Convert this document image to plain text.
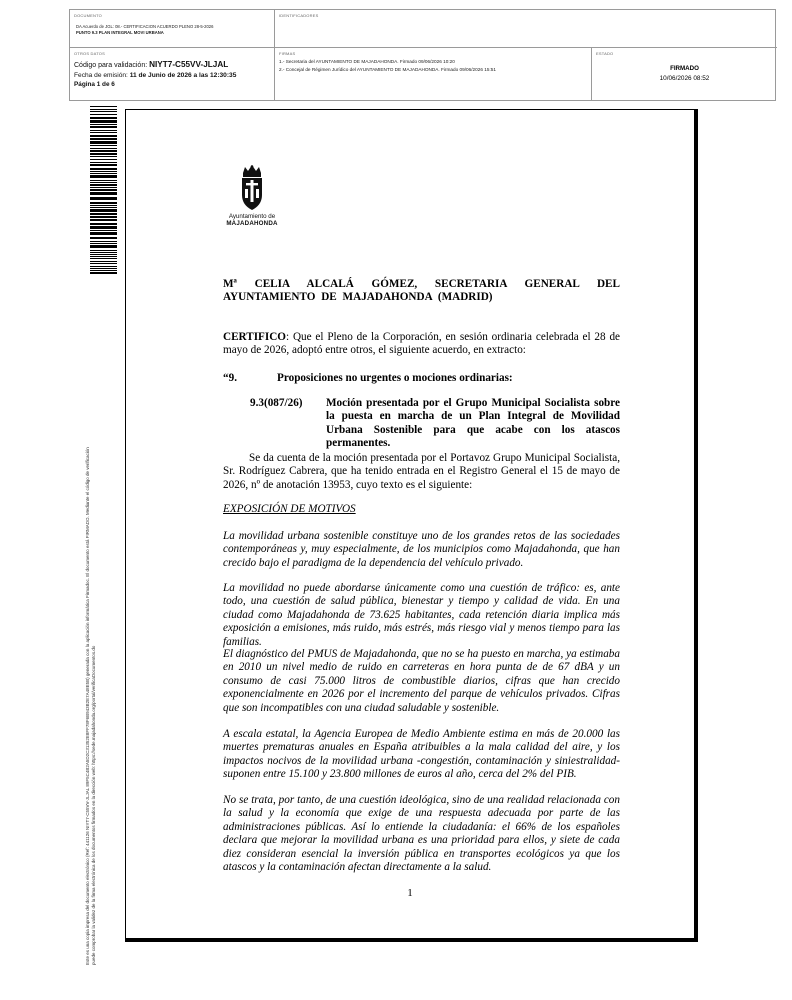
DOCUMENTO
DA Acuerdo de JGL: 08.- CERTIFICACION ACUERDO PLENO 28-5-2026
PUNTO 9.3 PLAN INTEGRAL MOVI URBANA
IDENTIFICADORES
OTROS DATOS
Código para validación: NIYT7-C55VV-JLJAL
Fecha de emisión: 11 de Junio de 2026 a las 12:30:35
Página 1 de 6
FIRMAS
1.- Secretaria del AYUNTAMIENTO DE MAJADAHONDA. Firmado 09/06/2026 10:20
2.- Concejal de Régimen Jurídico del AYUNTAMIENTO DE MAJADAHONDA. Firmado 09/06/2026 15:51
ESTADO
FIRMADO
10/06/2026 08:52
Este es una copia impresa del documento electrónico (Ref: 441126 NIYT7-C55VV-JLJAL 89F5C4B2A5D2C31352E8FF78F6B943B2E7A48E5B) generada con la aplicación informática Firmadoc. El documento está FIRMADO. Mediante el código de verificación puede comprobar la validez de la firma electrónica de los documentos firmados en la dirección web: https://sede.majadahonda.org/portal/verificaDocumentos.do
Ayuntamiento de
MAJADAHONDA
Mª CELIA ALCALÁ GÓMEZ, SECRETARIA GENERAL DEL AYUNTAMIENTO DE MAJADAHONDA (MADRID)
CERTIFICO: Que el Pleno de la Corporación, en sesión ordinaria celebrada el 28 de mayo de 2026, adoptó entre otros, el siguiente acuerdo, en extracto:
“9.	Proposiciones no urgentes o mociones ordinarias:
9.3(087/26) Moción presentada por el Grupo Municipal Socialista sobre la puesta en marcha de un Plan Integral de Movilidad Urbana Sostenible para que acabe con los atascos permanentes.
Se da cuenta de la moción presentada por el Portavoz Grupo Municipal Socialista, Sr. Rodríguez Cabrera, que ha tenido entrada en el Registro General el 15 de mayo de 2026, nº de anotación 13953, cuyo texto es el siguiente:
EXPOSICIÓN DE MOTIVOS
La movilidad urbana sostenible constituye uno de los grandes retos de las sociedades contemporáneas y, muy especialmente, de los municipios como Majadahonda, que han crecido bajo el paradigma de la dependencia del vehículo privado.
La movilidad no puede abordarse únicamente como una cuestión de tráfico: es, ante todo, una cuestión de salud pública, bienestar y tiempo y calidad de vida. En una ciudad como Majadahonda de 73.625 habitantes, cada retención diaria implica más exposición a emisiones, más ruido, más estrés, más riesgo vial y menos tiempo para las familias.
El diagnóstico del PMUS de Majadahonda, que no se ha puesto en marcha, ya estimaba en 2010 un nivel medio de ruido en carreteras en hora punta de de 67 dBA y un consumo de casi 75.000 litros de combustible diarios, cifras que han crecido exponencialmente en 2026 por el incremento del parque de vehículos privados. Cifras que son incompatibles con una ciudad saludable y sostenible.
A escala estatal, la Agencia Europea de Medio Ambiente estima en más de 20.000 las muertes prematuras anuales en España atribuibles a la mala calidad del aire, y los impactos nocivos de la movilidad urbana -congestión, contaminación y siniestralidad- suponen entre 15.100 y 23.800 millones de euros al año, cerca del 2% del PIB.
No se trata, por tanto, de una cuestión ideológica, sino de una realidad relacionada con la salud y la economía que exige de una respuesta adecuada por parte de las administraciones públicas. Así lo entiende la ciudadanía: el 66% de los españoles declara que mejorar la movilidad urbana es una prioridad para ellos, y siete de cada diez consideran esencial la inversión pública en transportes ecológicos ya que los atascos y la contaminación afectan directamente a la salud.
1
